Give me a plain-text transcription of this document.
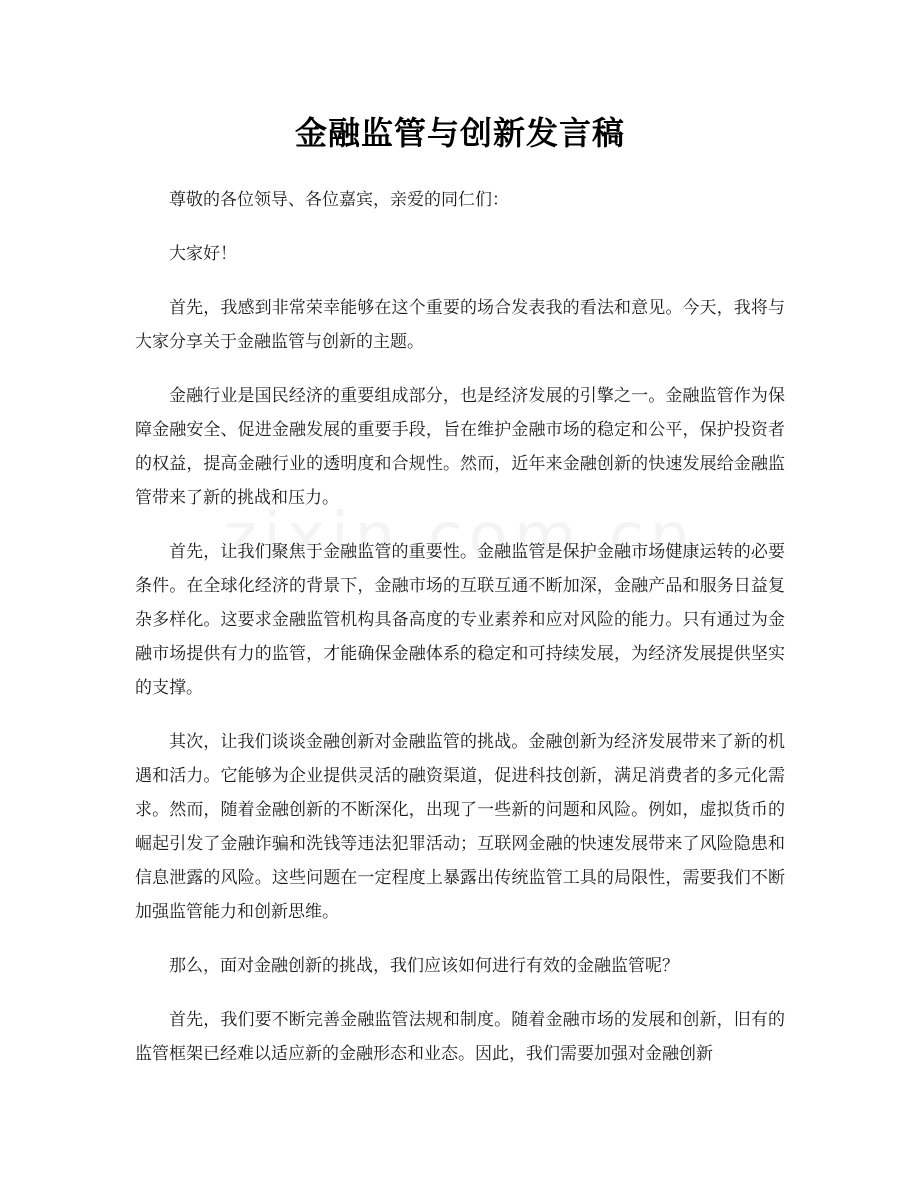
金融监管与创新发言稿

尊敬的各位领导、各位嘉宾，亲爱的同仁们：

大家好！

首先，我感到非常荣幸能够在这个重要的场合发表我的看法和意见。今天，我将与大家分享关于金融监管与创新的主题。

金融行业是国民经济的重要组成部分，也是经济发展的引擎之一。金融监管作为保障金融安全、促进金融发展的重要手段，旨在维护金融市场的稳定和公平，保护投资者的权益，提高金融行业的透明度和合规性。然而，近年来金融创新的快速发展给金融监管带来了新的挑战和压力。

首先，让我们聚焦于金融监管的重要性。金融监管是保护金融市场健康运转的必要条件。在全球化经济的背景下，金融市场的互联互通不断加深，金融产品和服务日益复杂多样化。这要求金融监管机构具备高度的专业素养和应对风险的能力。只有通过为金融市场提供有力的监管，才能确保金融体系的稳定和可持续发展，为经济发展提供坚实的支撑。

其次，让我们谈谈金融创新对金融监管的挑战。金融创新为经济发展带来了新的机遇和活力。它能够为企业提供灵活的融资渠道，促进科技创新，满足消费者的多元化需求。然而，随着金融创新的不断深化，出现了一些新的问题和风险。例如，虚拟货币的崛起引发了金融诈骗和洗钱等违法犯罪活动；互联网金融的快速发展带来了风险隐患和信息泄露的风险。这些问题在一定程度上暴露出传统监管工具的局限性，需要我们不断加强监管能力和创新思维。

那么，面对金融创新的挑战，我们应该如何进行有效的金融监管呢？

首先，我们要不断完善金融监管法规和制度。随着金融市场的发展和创新，旧有的监管框架已经难以适应新的金融形态和业态。因此，我们需要加强对金融创新
